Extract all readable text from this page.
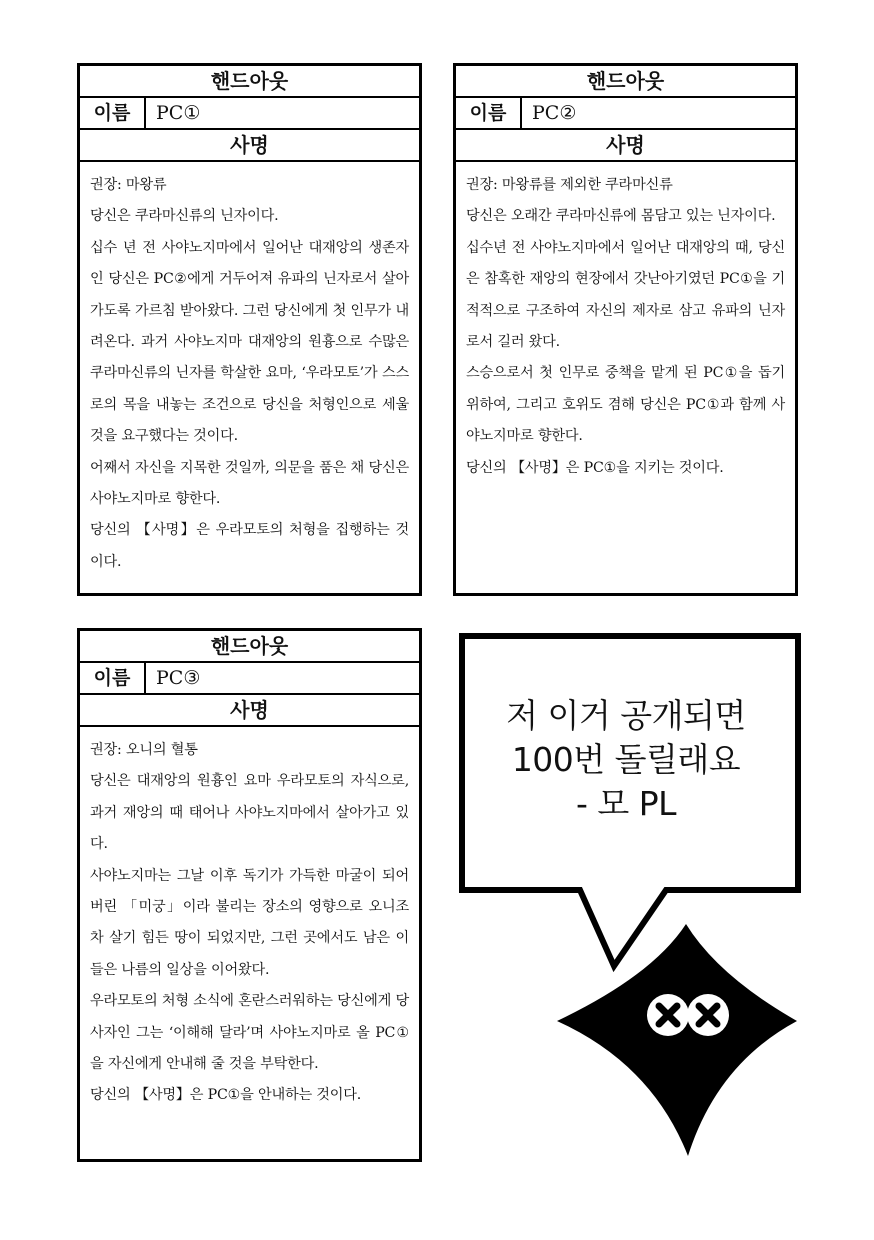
핸드아웃
이름	PC①
사명

권장: 마왕류

당신은 쿠라마신류의 닌자이다.

십수 년 전 사야노지마에서 일어난 대재앙의 생존자인 당신은 PC②에게 거두어져 유파의 닌자로서 살아가도록 가르침 받아왔다. 그런 당신에게 첫 인무가 내려온다. 과거 사야노지마 대재앙의 원흉으로 수많은 쿠라마신류의 닌자를 학살한 요마, ‘우라모토’가 스스로의 목을 내놓는 조건으로 당신을 처형인으로 세울 것을 요구했다는 것이다.

어째서 자신을 지목한 것일까, 의문을 품은 채 당신은 사야노지마로 향한다.

당신의 【사명】은 우라모토의 처형을 집행하는 것이다.

핸드아웃
이름	PC②
사명

권장: 마왕류를 제외한 쿠라마신류

당신은 오래간 쿠라마신류에 몸담고 있는 닌자이다.

십수년 전 사야노지마에서 일어난 대재앙의 때, 당신은 참혹한 재앙의 현장에서 갓난아기였던 PC①을 기적적으로 구조하여 자신의 제자로 삼고 유파의 닌자로서 길러 왔다.

스승으로서 첫 인무로 중책을 맡게 된 PC①을 돕기 위하여, 그리고 호위도 겸해 당신은 PC①과 함께 사야노지마로 향한다.

당신의 【사명】은 PC①을 지키는 것이다.

핸드아웃
이름	PC③
사명

권장: 오니의 혈통

당신은 대재앙의 원흉인 요마 우라모토의 자식으로, 과거 재앙의 때 태어나 사야노지마에서 살아가고 있다.

사야노지마는 그날 이후 독기가 가득한 마굴이 되어 버린 「미궁」이라 불리는 장소의 영향으로 오니조차 살기 힘든 땅이 되었지만, 그런 곳에서도 남은 이들은 나름의 일상을 이어왔다.

우라모토의 처형 소식에 혼란스러워하는 당신에게 당사자인 그는 ‘이해해 달라’며 사야노지마로 올 PC①을 자신에게 안내해 줄 것을 부탁한다.

당신의 【사명】은 PC①을 안내하는 것이다.

저 이거 공개되면
100번 돌릴래요
- 모 PL
